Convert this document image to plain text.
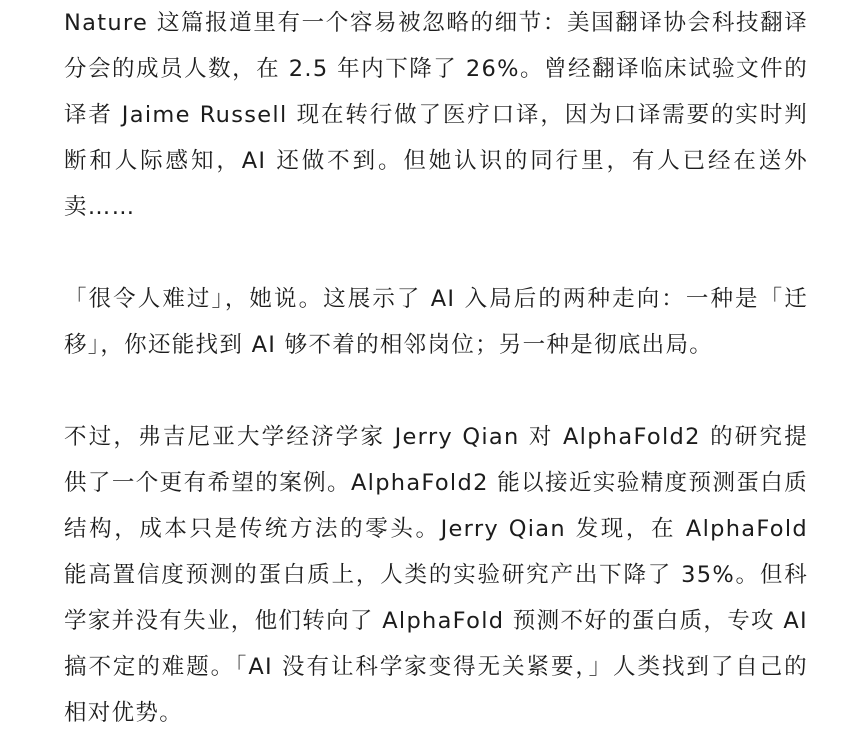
Nature 这篇报道里有一个容易被忽略的细节：美国翻译协会科技翻译分会的成员人数，在 2.5 年内下降了 26%。曾经翻译临床试验文件的译者 Jaime Russell 现在转行做了医疗口译，因为口译需要的实时判断和人际感知，AI 还做不到。但她认识的同行里，有人已经在送外卖……

「很令人难过」，她说。这展示了 AI 入局后的两种走向：一种是「迁移」，你还能找到 AI 够不着的相邻岗位；另一种是彻底出局。

不过，弗吉尼亚大学经济学家 Jerry Qian 对 AlphaFold2 的研究提供了一个更有希望的案例。AlphaFold2 能以接近实验精度预测蛋白质结构，成本只是传统方法的零头。Jerry Qian 发现，在 AlphaFold 能高置信度预测的蛋白质上，人类的实验研究产出下降了 35%。但科学家并没有失业，他们转向了 AlphaFold 预测不好的蛋白质，专攻 AI 搞不定的难题。「AI 没有让科学家变得无关紧要，」人类找到了自己的相对优势。
